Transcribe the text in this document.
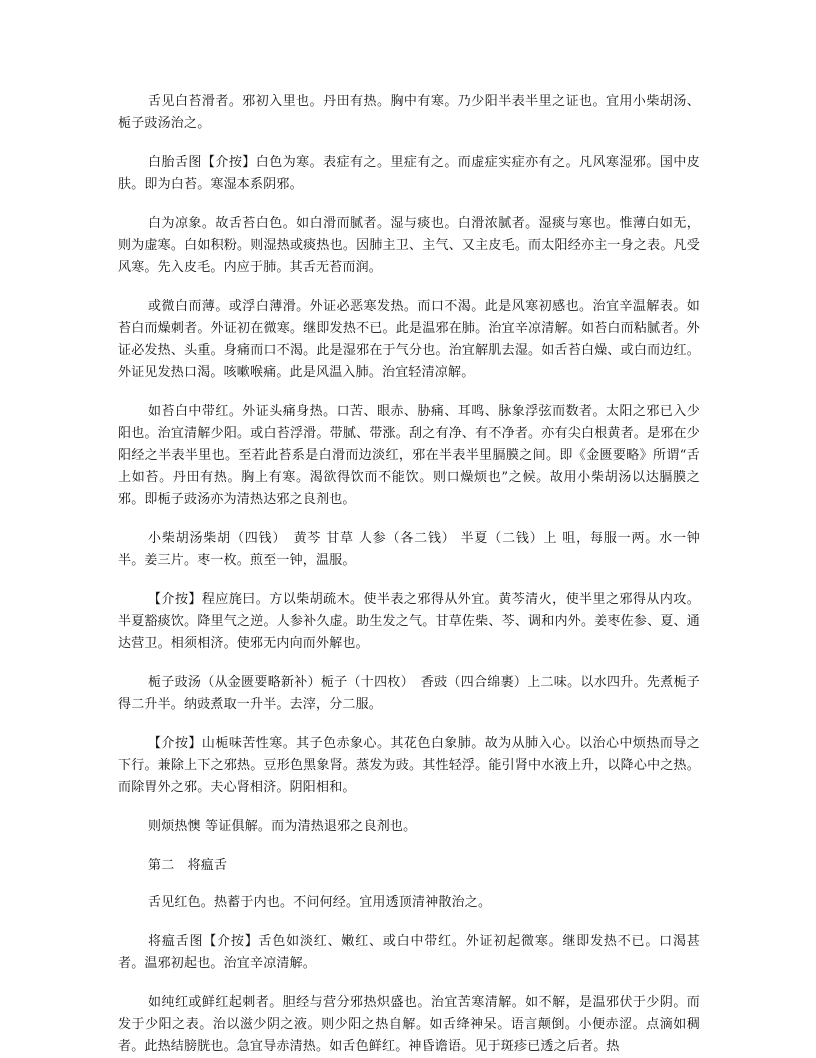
舌见白苔滑者。邪初入里也。丹田有热。胸中有寒。乃少阳半表半里之证也。宜用小柴胡汤、栀子豉汤治之。

白胎舌图【介按】白色为寒。表症有之。里症有之。而虚症实症亦有之。凡风寒湿邪。国中皮肤。即为白苔。寒湿本系阴邪。

白为凉象。故舌苔白色。如白滑而腻者。湿与痰也。白滑浓腻者。湿痰与寒也。惟薄白如无，则为虚寒。白如积粉。则湿热或痰热也。因肺主卫、主气、又主皮毛。而太阳经亦主一身之表。凡受风寒。先入皮毛。内应于肺。其舌无苔而润。

或微白而薄。或浮白薄滑。外证必恶寒发热。而口不渴。此是风寒初感也。治宜辛温解表。如苔白而燥刺者。外证初在微寒。继即发热不已。此是温邪在肺。治宜辛凉清解。如苔白而粘腻者。外证必发热、头重。身痛而口不渴。此是湿邪在于气分也。治宜解肌去湿。如舌苔白燥、或白而边红。外证见发热口渴。咳嗽喉痛。此是风温入肺。治宜轻清凉解。

如苔白中带红。外证头痛身热。口苦、眼赤、胁痛、耳鸣、脉象浮弦而数者。太阳之邪已入少阳也。治宜清解少阳。或白苔浮滑。带腻、带涨。刮之有净、有不净者。亦有尖白根黄者。是邪在少阳经之半表半里也。至若此苔系是白滑而边淡红，邪在半表半里膈膜之间。即《金匮要略》所谓“舌上如苔。丹田有热。胸上有寒。渴欲得饮而不能饮。则口燥烦也”之候。故用小柴胡汤以达膈膜之邪。即栀子豉汤亦为清热达邪之良剂也。

小柴胡汤柴胡（四钱）　黄芩 甘草 人参（各二钱） 半夏（二钱）上 咀，每服一两。水一钟半。姜三片。枣一枚。煎至一钟，温服。

【介按】程应旄曰。方以柴胡疏木。使半表之邪得从外宜。黄芩清火，使半里之邪得从内攻。半夏豁痰饮。降里气之逆。人参补久虚。助生发之气。甘草佐柴、芩、调和内外。姜枣佐参、夏、通达营卫。相须相济。使邪无内向而外解也。

栀子豉汤（从金匮要略新补）栀子（十四枚）　香豉（四合绵裹）上二味。以水四升。先煮栀子得二升半。纳豉煮取一升半。去滓，分二服。

【介按】山栀味苦性寒。其子色赤象心。其花色白象肺。故为从肺入心。以治心中烦热而导之下行。兼除上下之邪热。豆形色黑象肾。蒸发为豉。其性轻浮。能引肾中水液上升，以降心中之热。而除胃外之邪。夫心肾相济。阴阳相和。

则烦热懊 等证俱解。而为清热退邪之良剂也。

第二　将瘟舌

舌见红色。热蓄于内也。不问何经。宜用透顶清神散治之。

将瘟舌图【介按】舌色如淡红、嫩红、或白中带红。外证初起微寒。继即发热不已。口渴甚者。温邪初起也。治宜辛凉清解。

如纯红或鲜红起刺者。胆经与营分邪热炽盛也。治宜苦寒清解。如不解，是温邪伏于少阴。而发于少阳之表。治以滋少阴之液。则少阳之热自解。如舌绛神呆。语言颠倒。小便赤涩。点滴如稠者。此热结膀胱也。急宜导赤清热。如舌色鲜红。神昏谵语。见于斑疹已透之后者。热
